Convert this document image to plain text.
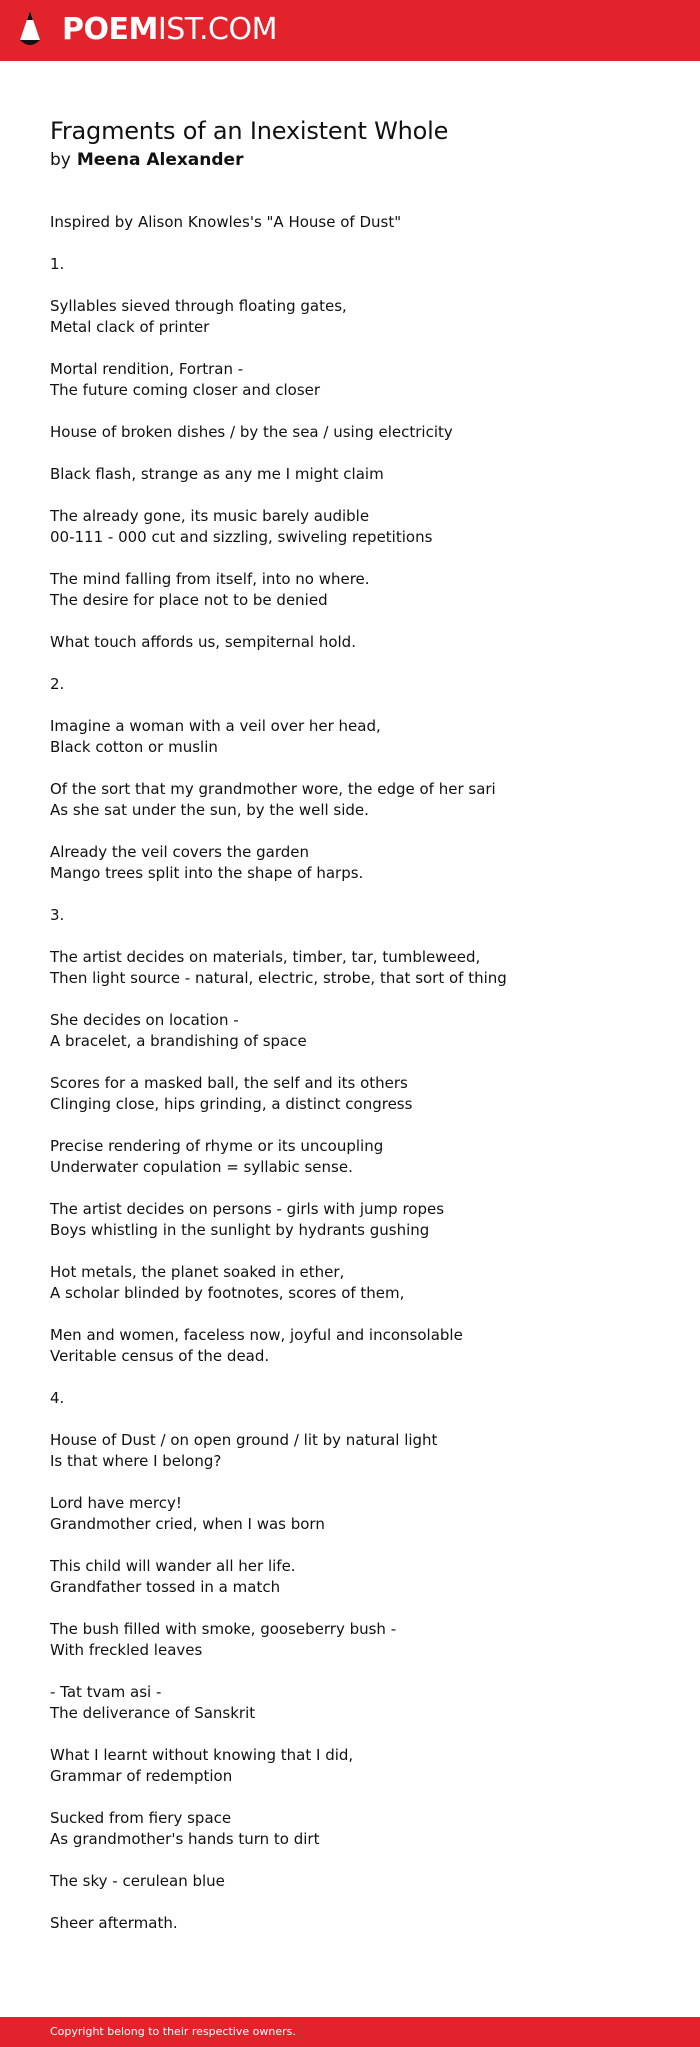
POEMIST.COM
Fragments of an Inexistent Whole
by Meena Alexander
Inspired by Alison Knowles's "A House of Dust"
1.
Syllables sieved through floating gates,
Metal clack of printer
Mortal rendition, Fortran -
The future coming closer and closer
House of broken dishes / by the sea / using electricity
Black flash, strange as any me I might claim
The already gone, its music barely audible
00-111 - 000 cut and sizzling, swiveling repetitions
The mind falling from itself, into no where.
The desire for place not to be denied
What touch affords us, sempiternal hold.
2.
Imagine a woman with a veil over her head,
Black cotton or muslin
Of the sort that my grandmother wore, the edge of her sari
As she sat under the sun, by the well side.
Already the veil covers the garden
Mango trees split into the shape of harps.
3.
The artist decides on materials, timber, tar, tumbleweed,
Then light source - natural, electric, strobe, that sort of thing
She decides on location -
A bracelet, a brandishing of space
Scores for a masked ball, the self and its others
Clinging close, hips grinding, a distinct congress
Precise rendering of rhyme or its uncoupling
Underwater copulation = syllabic sense.
The artist decides on persons - girls with jump ropes
Boys whistling in the sunlight by hydrants gushing
Hot metals, the planet soaked in ether,
A scholar blinded by footnotes, scores of them,
Men and women, faceless now, joyful and inconsolable
Veritable census of the dead.
4.
House of Dust / on open ground / lit by natural light
Is that where I belong?
Lord have mercy!
Grandmother cried, when I was born
This child will wander all her life.
Grandfather tossed in a match
The bush filled with smoke, gooseberry bush -
With freckled leaves
- Tat tvam asi -
The deliverance of Sanskrit
What I learnt without knowing that I did,
Grammar of redemption
Sucked from fiery space
As grandmother's hands turn to dirt
The sky - cerulean blue
Sheer aftermath.
Copyright belong to their respective owners.
